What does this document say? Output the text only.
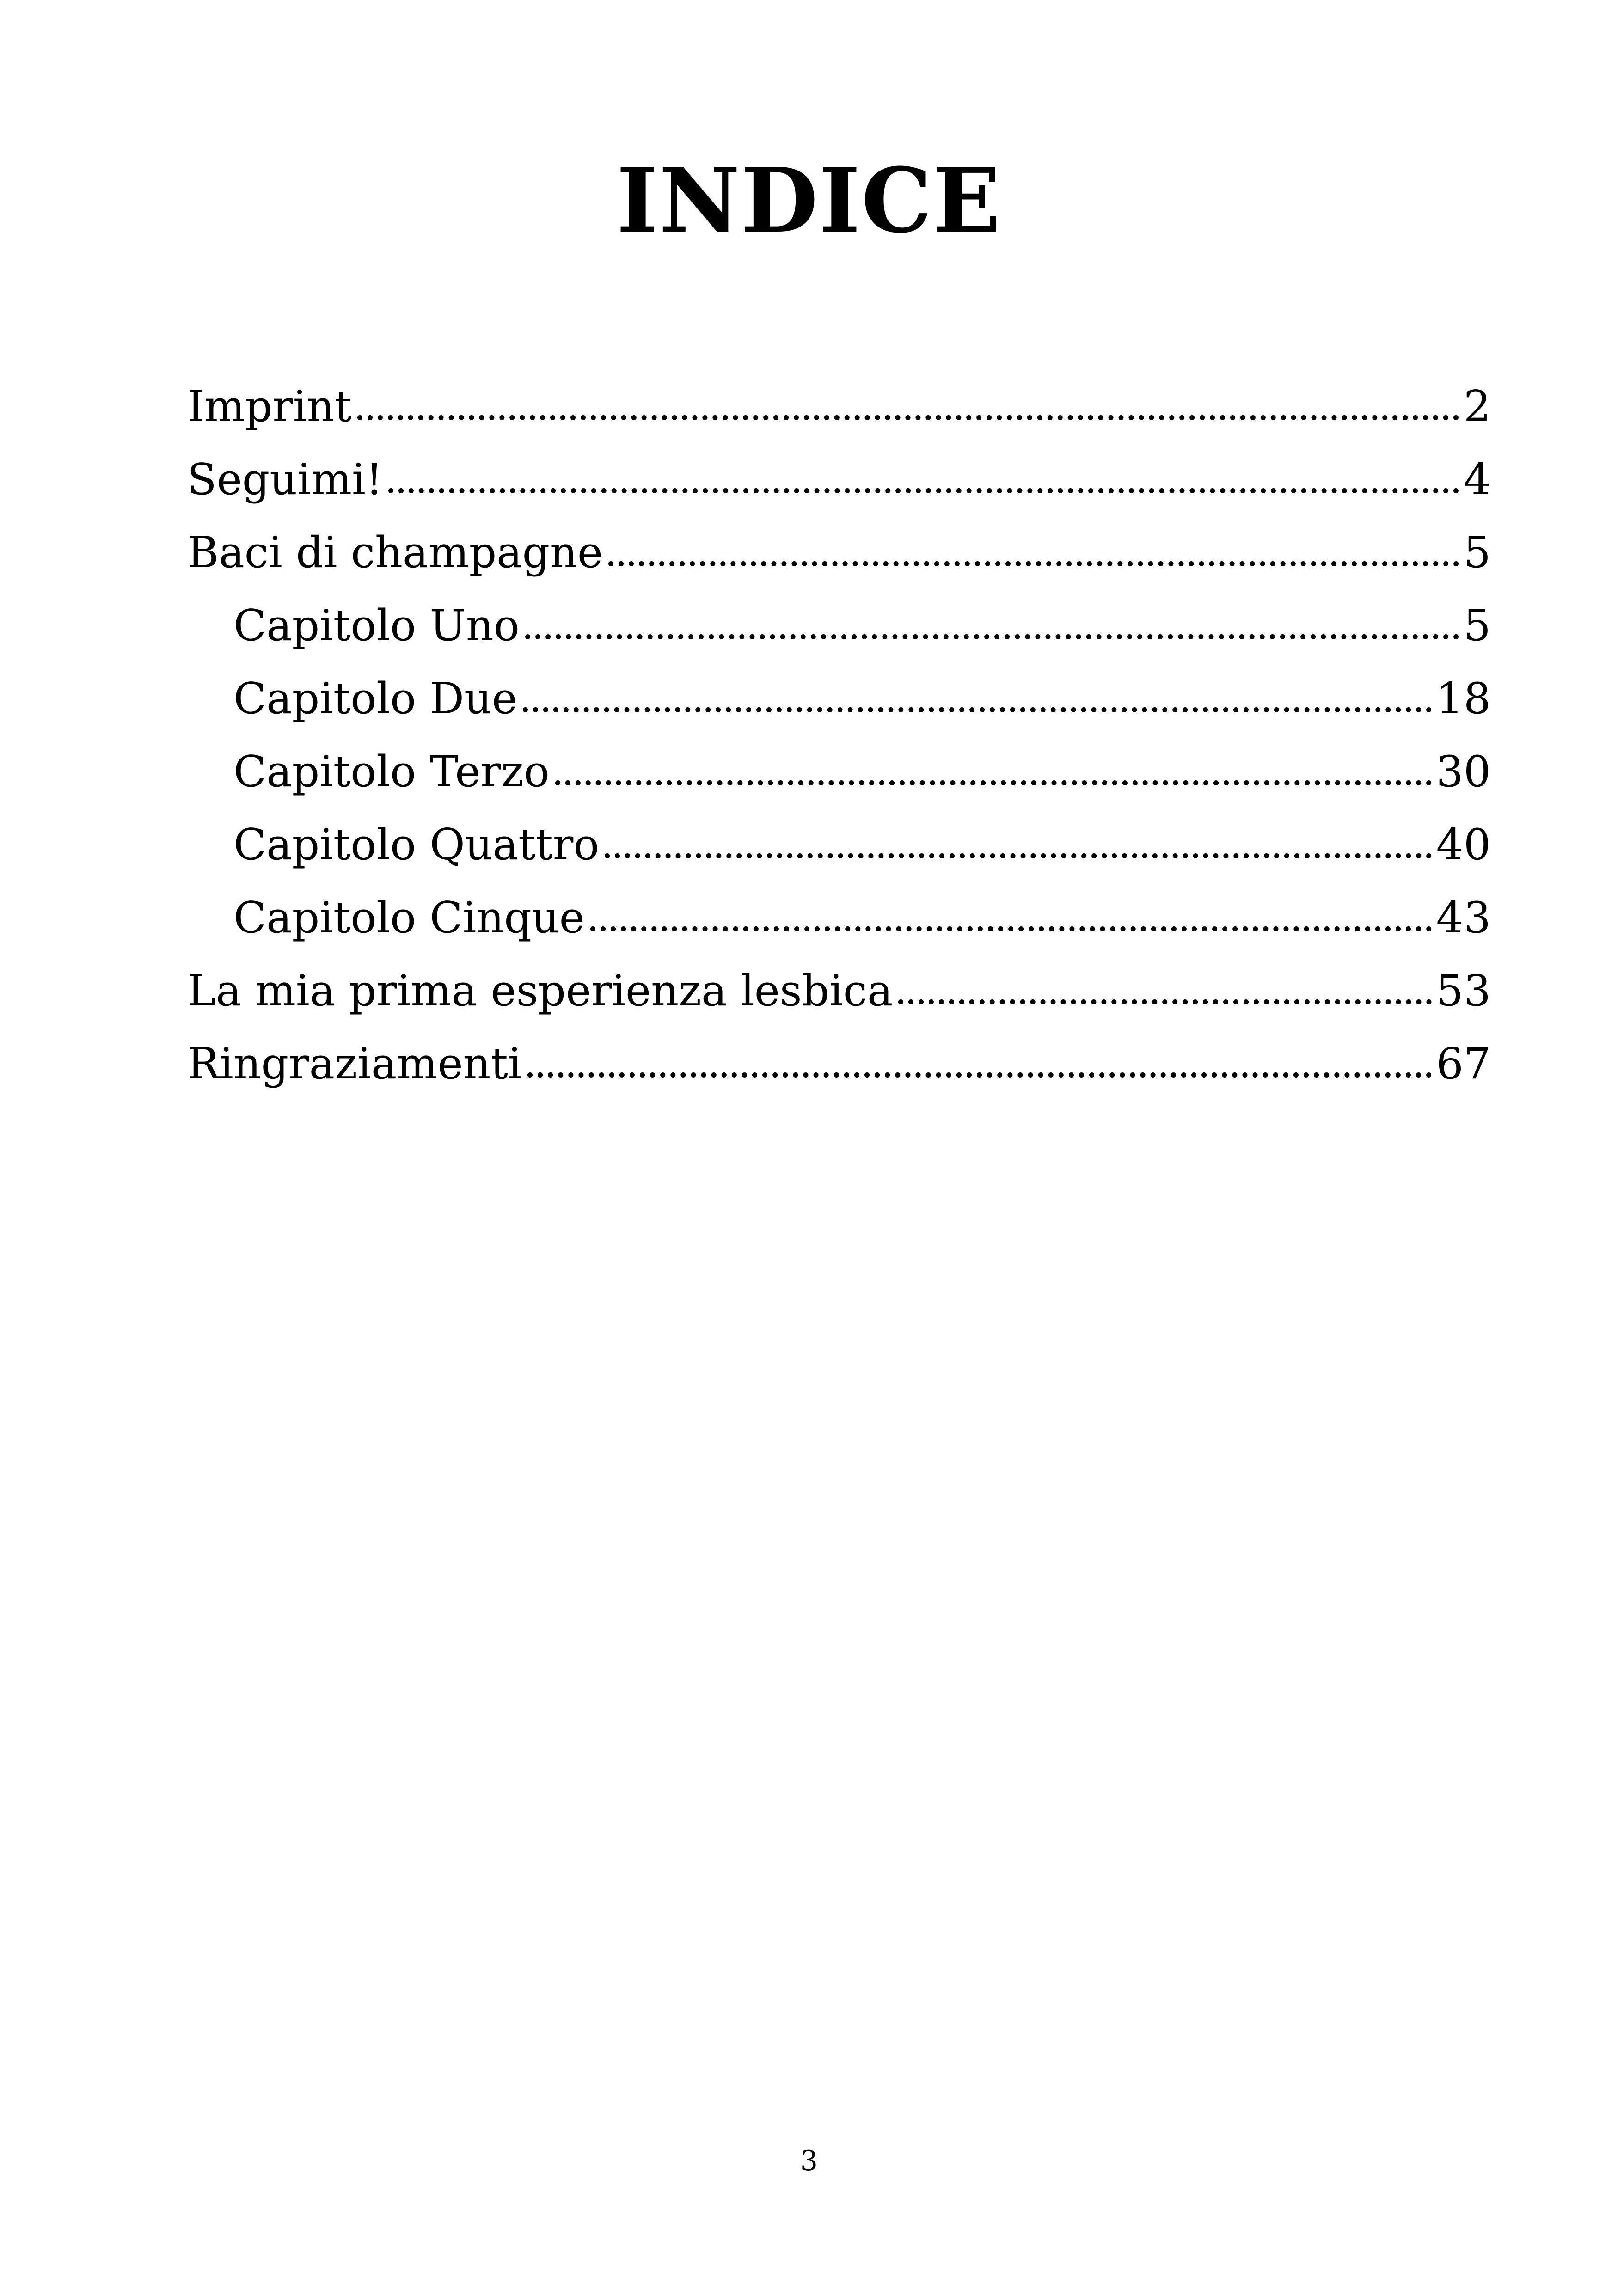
INDICE
Imprint	2
Seguimi!	4
Baci di champagne	5
Capitolo Uno	5
Capitolo Due	18
Capitolo Terzo	30
Capitolo Quattro	40
Capitolo Cinque	43
La mia prima esperienza lesbica	53
Ringraziamenti	67
3
